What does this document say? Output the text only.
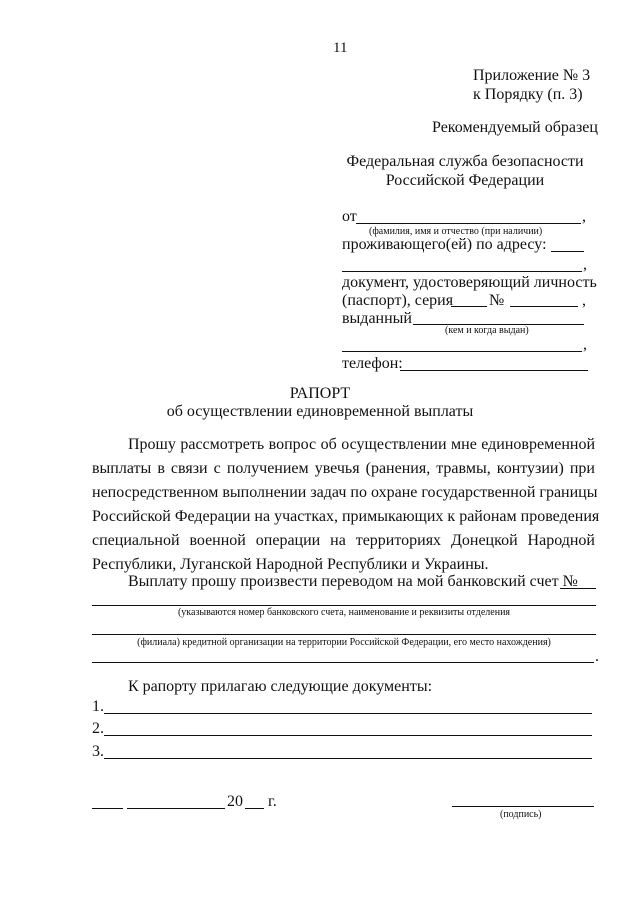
11
Приложение № 3
к Порядку (п. 3)
Рекомендуемый образец
Федеральная служба безопасности
Российской Федерации
от	,
(фамилия, имя и отчество (при наличии)
проживающего(ей) по адресу:
,
документ, удостоверяющий личность
(паспорт), серия №	,
выданный
(кем и когда выдан)
,
телефон:
РАПОРТ
об осуществлении единовременной выплаты
Прошу рассмотреть вопрос об осуществлении мне единовременной
выплаты в связи с получением увечья (ранения, травмы, контузии) при
непосредственном выполнении задач по охране государственной границы
Российской Федерации на участках, примыкающих к районам проведения
специальной военной операции на территориях Донецкой Народной
Республики, Луганской Народной Республики и Украины.
Выплату прошу произвести переводом на мой банковский счет №
(указываются номер банковского счета, наименование и реквизиты отделения
(филиала) кредитной организации на территории Российской Федерации, его место нахождения)
.
К рапорту прилагаю следующие документы:
1.
2.
3.
20 г.
(подпись)
